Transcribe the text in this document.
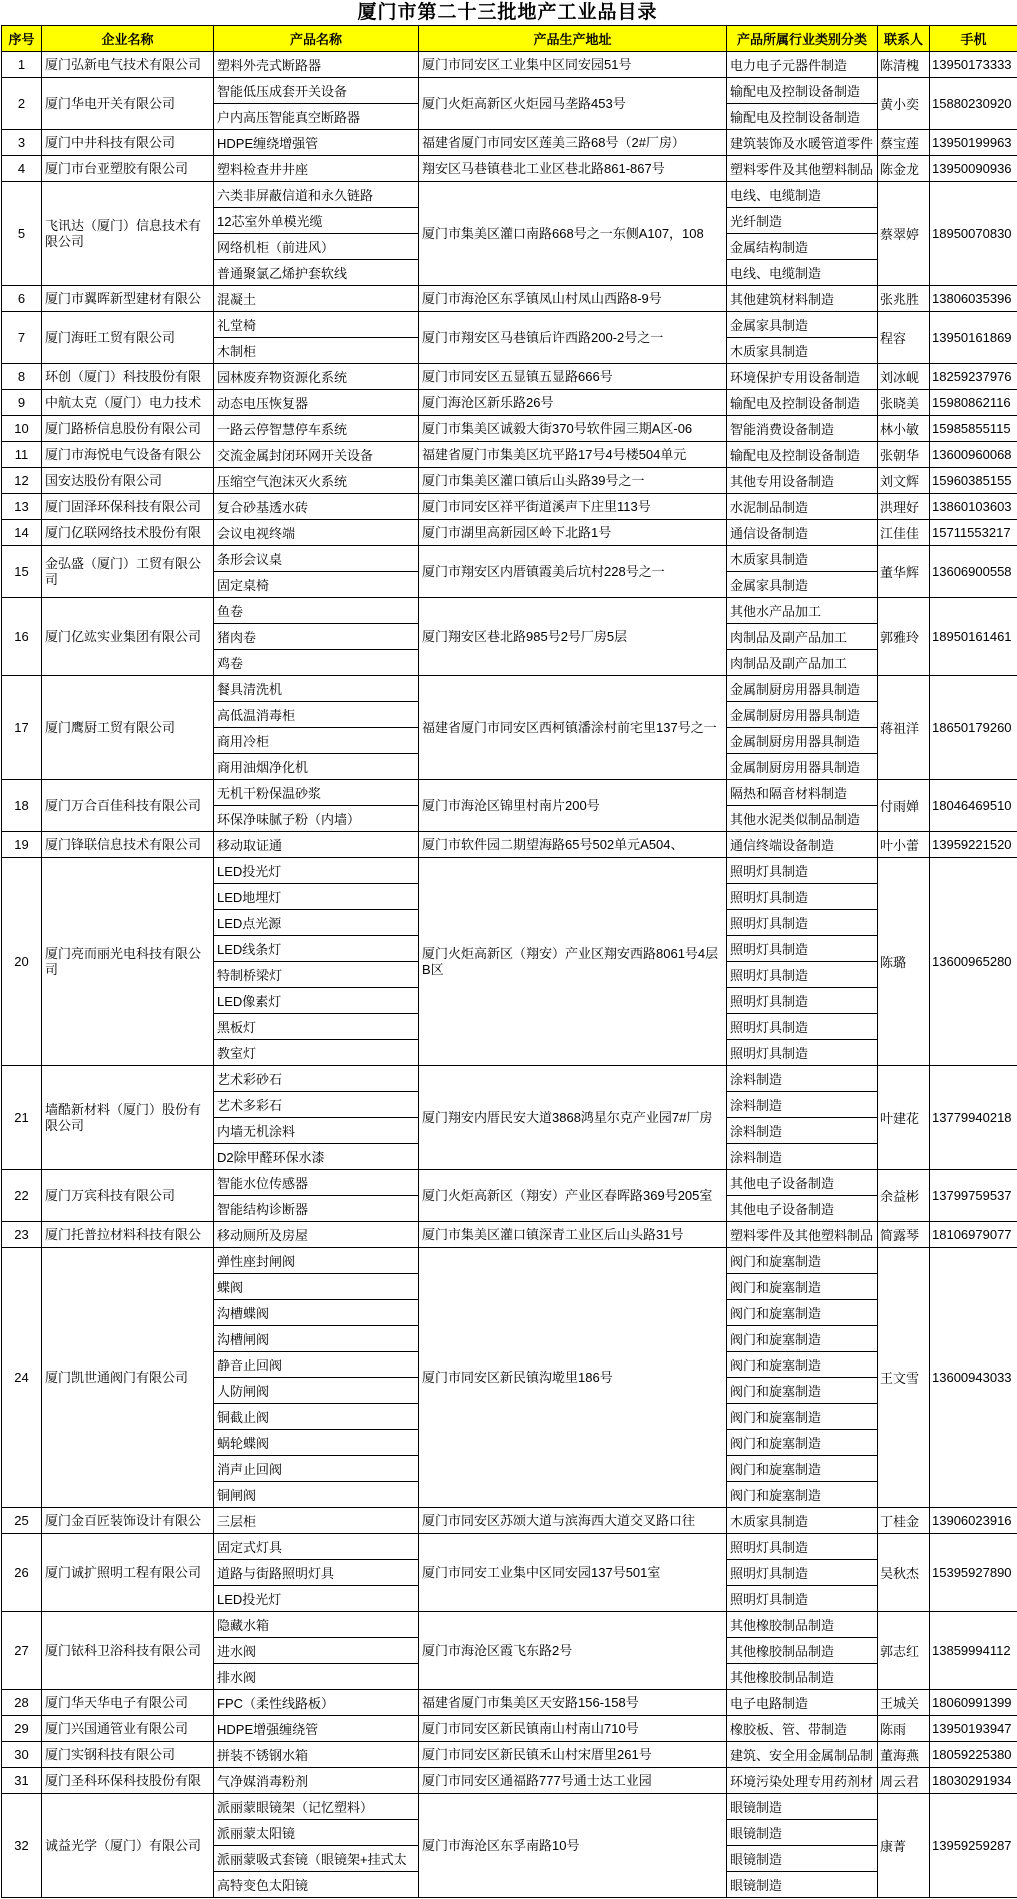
厦门市第二十三批地产工业品目录
序号	企业名称	产品名称	产品生产地址	产品所属行业类别分类	联系人	手机
1	厦门弘新电气技术有限公司	塑料外壳式断路器	厦门市同安区工业集中区同安园51号	电力电子元器件制造	陈清槐	13950173333
2	厦门华电开关有限公司	智能低压成套开关设备	厦门火炬高新区火炬园马垄路453号	输配电及控制设备制造	黄小奕	15880230920
		户内高压智能真空断路器		输配电及控制设备制造		
3	厦门中井科技有限公司	HDPE缠绕增强管	福建省厦门市同安区莲美三路68号（2#厂房）	建筑装饰及水暖管道零件	蔡宝莲	13950199963
4	厦门市台亚塑胶有限公司	塑料检查井井座	翔安区马巷镇巷北工业区巷北路861-867号	塑料零件及其他塑料制品	陈金龙	13950090936
5	飞讯达（厦门）信息技术有限公司	六类非屏蔽信道和永久链路	厦门市集美区灌口南路668号之一东侧A107，108	电线、电缆制造	蔡翠婷	18950070830
		12芯室外单模光缆		光纤制造		
		网络机柜（前进风）		金属结构制造		
		普通聚氯乙烯护套软线		电线、电缆制造		
6	厦门市翼晖新型建材有限公	混凝土	厦门市海沧区东孚镇凤山村凤山西路8-9号	其他建筑材料制造	张兆胜	13806035396
7	厦门海旺工贸有限公司	礼堂椅	厦门市翔安区马巷镇后许西路200-2号之一	金属家具制造	程容	13950161869
		木制柜		木质家具制造		
8	环创（厦门）科技股份有限	园林废弃物资源化系统	厦门市同安区五显镇五显路666号	环境保护专用设备制造	刘冰岘	18259237976
9	中航太克（厦门）电力技术	动态电压恢复器	厦门海沧区新乐路26号	输配电及控制设备制造	张晓美	15980862116
10	厦门路桥信息股份有限公司	一路云停智慧停车系统	厦门市集美区诚毅大街370号软件园三期A区-06	智能消费设备制造	林小敏	15985855115
11	厦门市海悦电气设备有限公	交流金属封闭环网开关设备	福建省厦门市集美区坑平路17号4号楼504单元	输配电及控制设备制造	张朝华	13600960068
12	国安达股份有限公司	压缩空气泡沫灭火系统	厦门市集美区灌口镇后山头路39号之一	其他专用设备制造	刘文辉	15960385155
13	厦门固泽环保科技有限公司	复合砂基透水砖	厦门市同安区祥平街道溪声下庄里113号	水泥制品制造	洪理好	13860103603
14	厦门亿联网络技术股份有限	会议电视终端	厦门市湖里高新园区岭下北路1号	通信设备制造	江佳佳	15711553217
15	金弘盛（厦门）工贸有限公司	条形会议桌	厦门市翔安区内厝镇霞美后坑村228号之一	木质家具制造	董华辉	13606900558
		固定桌椅		金属家具制造		
16	厦门亿竑实业集团有限公司	鱼卷	厦门翔安区巷北路985号2号厂房5层	其他水产品加工	郭雅玲	18950161461
		猪肉卷		肉制品及副产品加工		
		鸡卷		肉制品及副产品加工		
17	厦门鹰厨工贸有限公司	餐具清洗机	福建省厦门市同安区西柯镇潘涂村前宅里137号之一	金属制厨房用器具制造	蒋祖洋	18650179260
		高低温消毒柜		金属制厨房用器具制造		
		商用冷柜		金属制厨房用器具制造		
		商用油烟净化机		金属制厨房用器具制造		
18	厦门万合百佳科技有限公司	无机干粉保温砂浆	厦门市海沧区锦里村南片200号	隔热和隔音材料制造	付雨婵	18046469510
		环保净味腻子粉（内墙）		其他水泥类似制品制造		
19	厦门锋联信息技术有限公司	移动取证通	厦门市软件园二期望海路65号502单元A504、	通信终端设备制造	叶小蕾	13959221520
20	厦门亮而丽光电科技有限公司	LED投光灯	厦门火炬高新区（翔安）产业区翔安西路8061号4层B区	照明灯具制造	陈璐	13600965280
		LED地埋灯		照明灯具制造		
		LED点光源		照明灯具制造		
		LED线条灯		照明灯具制造		
		特制桥梁灯		照明灯具制造		
		LED像素灯		照明灯具制造		
		黑板灯		照明灯具制造		
		教室灯		照明灯具制造		
21	墙酷新材料（厦门）股份有限公司	艺术彩砂石	厦门翔安内厝民安大道3868鸿星尔克产业园7#厂房	涂料制造	叶建花	13779940218
		艺术多彩石		涂料制造		
		内墙无机涂料		涂料制造		
		D2除甲醛环保水漆		涂料制造		
22	厦门万宾科技有限公司	智能水位传感器	厦门火炬高新区（翔安）产业区春晖路369号205室	其他电子设备制造	余益彬	13799759537
		智能结构诊断器		其他电子设备制造		
23	厦门托普拉材料科技有限公	移动厕所及房屋	厦门市集美区灌口镇深青工业区后山头路31号	塑料零件及其他塑料制品	简露琴	18106979077
24	厦门凯世通阀门有限公司	弹性座封闸阀	厦门市同安区新民镇沟墘里186号	阀门和旋塞制造	王文雪	13600943033
		蝶阀		阀门和旋塞制造		
		沟槽蝶阀		阀门和旋塞制造		
		沟槽闸阀		阀门和旋塞制造		
		静音止回阀		阀门和旋塞制造		
		人防闸阀		阀门和旋塞制造		
		铜截止阀		阀门和旋塞制造		
		蜗轮蝶阀		阀门和旋塞制造		
		消声止回阀		阀门和旋塞制造		
		铜闸阀		阀门和旋塞制造		
25	厦门金百匠装饰设计有限公	三层柜	厦门市同安区苏颂大道与滨海西大道交叉路口往	木质家具制造	丁桂金	13906023916
26	厦门诚扩照明工程有限公司	固定式灯具	厦门市同安工业集中区同安园137号501室	照明灯具制造	吴秋杰	15395927890
		道路与街路照明灯具		照明灯具制造		
		LED投光灯		照明灯具制造		
27	厦门铱科卫浴科技有限公司	隐藏水箱	厦门市海沧区霞飞东路2号	其他橡胶制品制造	郭志红	13859994112
		进水阀		其他橡胶制品制造		
		排水阀		其他橡胶制品制造		
28	厦门华天华电子有限公司	FPC（柔性线路板）	福建省厦门市集美区天安路156-158号	电子电路制造	王城关	18060991399
29	厦门兴国通管业有限公司	HDPE增强缠绕管	厦门市同安区新民镇南山村南山710号	橡胶板、管、带制造	陈雨	13950193947
30	厦门实钢科技有限公司	拼装不锈钢水箱	厦门市同安区新民镇禾山村宋厝里261号	建筑、安全用金属制品制	董海燕	18059225380
31	厦门圣科环保科技股份有限	气净媒消毒粉剂	厦门市同安区通福路777号通士达工业园	环境污染处理专用药剂材	周云君	18030291934
32	诚益光学（厦门）有限公司	派丽蒙眼镜架（记忆塑料）	厦门市海沧区东孚南路10号	眼镜制造	康菁	13959259287
		派丽蒙太阳镜		眼镜制造		
		派丽蒙吸式套镜（眼镜架+挂式太		眼镜制造		
		高特变色太阳镜		眼镜制造		
